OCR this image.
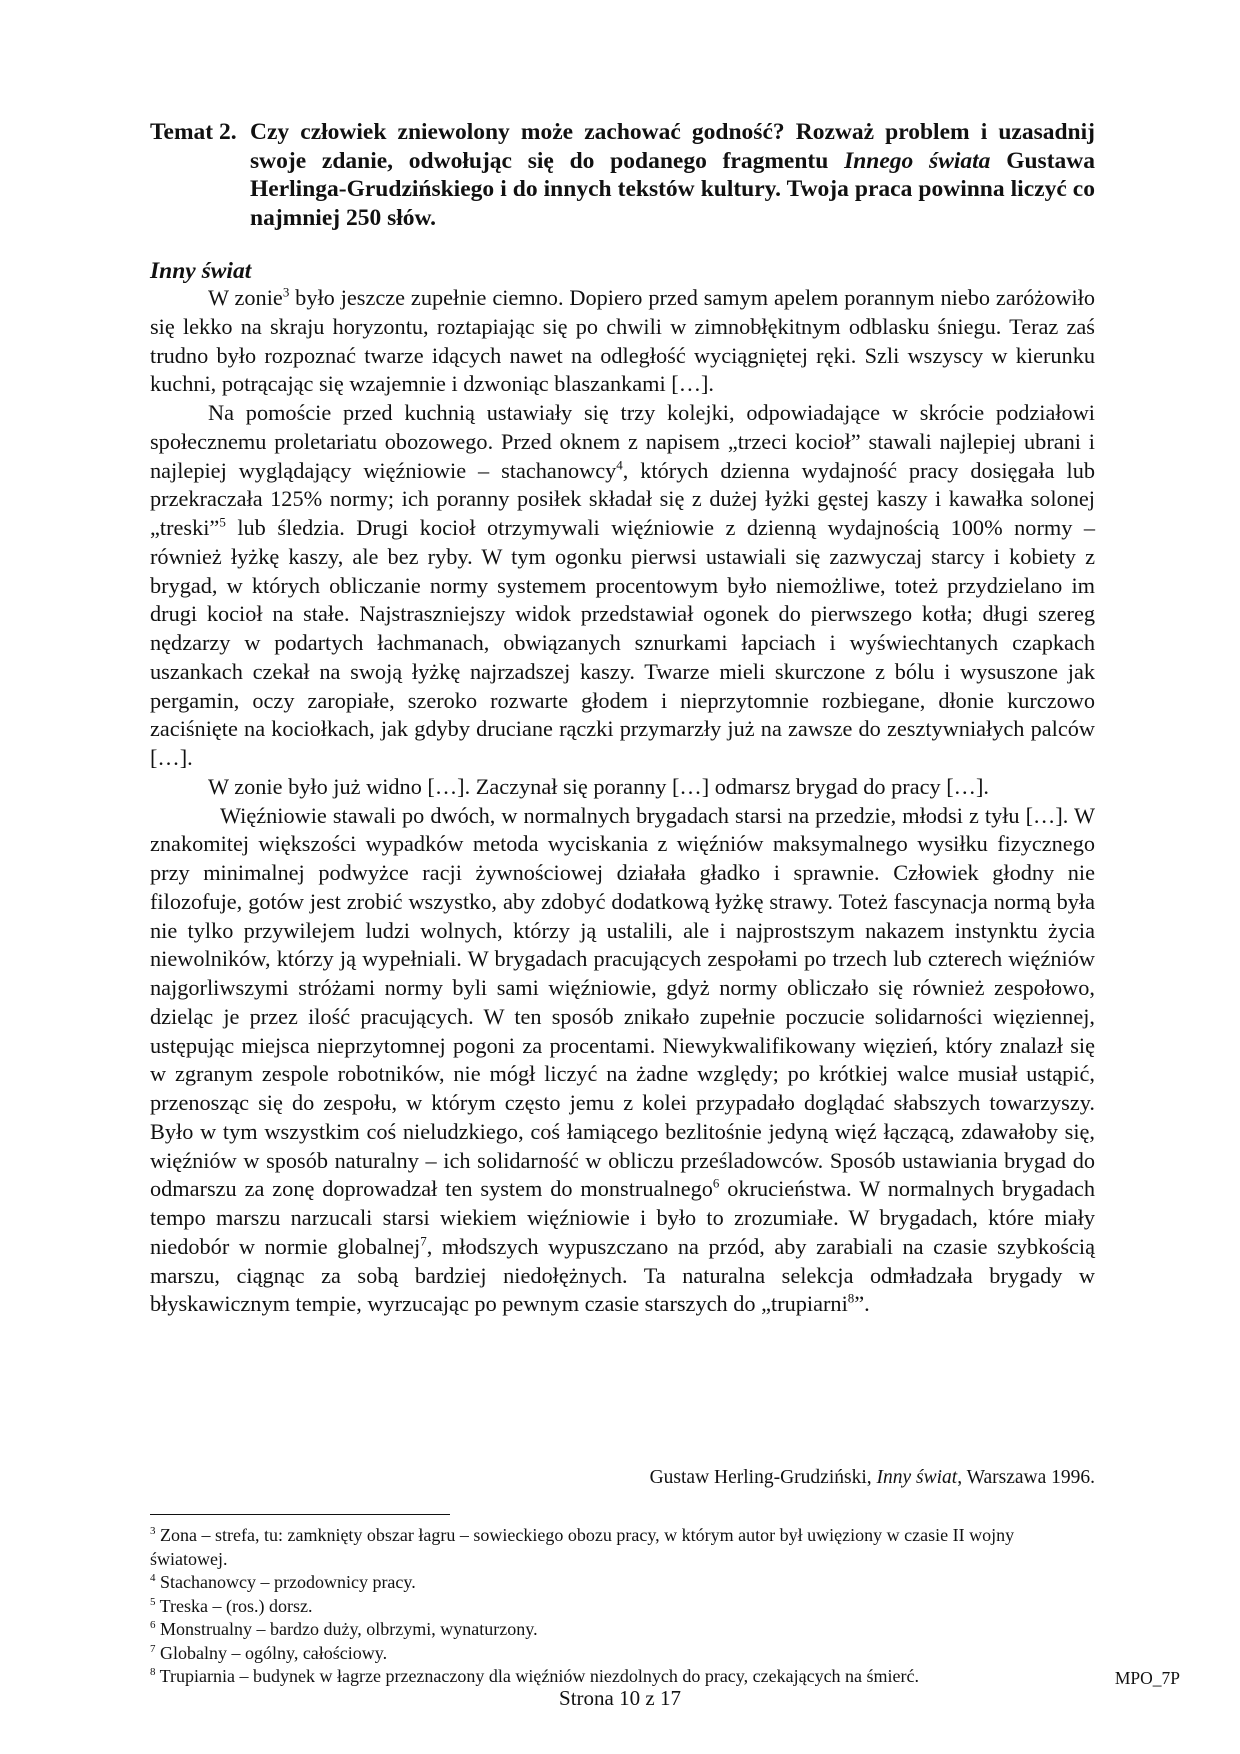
Temat 2. Czy człowiek zniewolony może zachować godność? Rozważ problem i uzasadnij swoje zdanie, odwołując się do podanego fragmentu Innego świata Gustawa Herlinga-Grudzińskiego i do innych tekstów kultury. Twoja praca powinna liczyć co najmniej 250 słów.
Inny świat

W zonie$^3$ było jeszcze zupełnie ciemno. Dopiero przed samym apelem porannym niebo zaróżowiło się lekko na skraju horyzontu, roztapiając się po chwili w zimnobłękitnym odblasku śniegu. Teraz zaś trudno było rozpoznać twarze idących nawet na odległość wyciągniętej ręki. Szli wszyscy w kierunku kuchni, potrącając się wzajemnie i dzwoniąc blaszankami […].

Na pomoście przed kuchnią ustawiały się trzy kolejki, odpowiadające w skrócie podziałowi społecznemu proletariatu obozowego. Przed oknem z napisem „trzeci kocioł” stawali najlepiej ubrani i najlepiej wyglądający więźniowie – stachanowcy$^4$, których dzienna wydajność pracy dosięgała lub przekraczała 125% normy; ich poranny posiłek składał się z dużej łyżki gęstej kaszy i kawałka solonej „treski”$^5$ lub śledzia. Drugi kocioł otrzymywali więźniowie z dzienną wydajnością 100% normy – również łyżkę kaszy, ale bez ryby. W tym ogonku pierwsi ustawiali się zazwyczaj starcy i kobiety z brygad, w których obliczanie normy systemem procentowym było niemożliwe, toteż przydzielano im drugi kocioł na stałe. Najstraszniejszy widok przedstawiał ogonek do pierwszego kotła; długi szereg nędzarzy w podartych łachmanach, obwiązanych sznurkami łapciach i wyświechtanych czapkach uszankach czekał na swoją łyżkę najrzadszej kaszy. Twarze mieli skurczone z bólu i wysuszone jak pergamin, oczy zaropiałe, szeroko rozwarte głodem i nieprzytomnie rozbiegane, dłonie kurczowo zaciśnięte na kociołkach, jak gdyby druciane rączki przymarzły już na zawsze do zesztywniałych palców […].

W zonie było już widno […]. Zaczynał się poranny […] odmarsz brygad do pracy […].

Więźniowie stawali po dwóch, w normalnych brygadach starsi na przedzie, młodsi z tyłu […]. W znakomitej większości wypadków metoda wyciskania z więźniów maksymalnego wysiłku fizycznego przy minimalnej podwyżce racji żywnościowej działała gładko i sprawnie. Człowiek głodny nie filozofuje, gotów jest zrobić wszystko, aby zdobyć dodatkową łyżkę strawy. Toteż fascynacja normą była nie tylko przywilejem ludzi wolnych, którzy ją ustalili, ale i najprostszym nakazem instynktu życia niewolników, którzy ją wypełniali. W brygadach pracujących zespołami po trzech lub czterech więźniów najgorliwszymi stróżami normy byli sami więźniowie, gdyż normy obliczało się również zespołowo, dzieląc je przez ilość pracujących. W ten sposób znikało zupełnie poczucie solidarności więziennej, ustępując miejsca nieprzytomnej pogoni za procentami. Niewykwalifikowany więzień, który znalazł się w zgranym zespole robotników, nie mógł liczyć na żadne względy; po krótkiej walce musiał ustąpić, przenosząc się do zespołu, w którym często jemu z kolei przypadało doglądać słabszych towarzyszy. Było w tym wszystkim coś nieludzkiego, coś łamiącego bezlitośnie jedyną więź łączącą, zdawałoby się, więźniów w sposób naturalny – ich solidarność w obliczu prześladowców. Sposób ustawiania brygad do odmarszu za zonę doprowadzał ten system do monstrualnego$^6$ okrucieństwa. W normalnych brygadach tempo marszu narzucali starsi wiekiem więźniowie i było to zrozumiałe. W brygadach, które miały niedobór w normie globalnej$^7$, młodszych wypuszczano na przód, aby zarabiali na czasie szybkością marszu, ciągnąc za sobą bardziej niedołężnych. Ta naturalna selekcja odmładzała brygady w błyskawicznym tempie, wyrzucając po pewnym czasie starszych do „trupiarni$^8$”.

Gustaw Herling-Grudziński, Inny świat, Warszawa 1996.

$^3$ Zona – strefa, tu: zamknięty obszar łagru – sowieckiego obozu pracy, w którym autor był uwięziony w czasie II wojny światowej.

$^4$ Stachanowcy – przodownicy pracy.

$^5$ Treska – (ros.) dorsz.

$^6$ Monstrualny – bardzo duży, olbrzymi, wynaturzony.

$^7$ Globalny – ogólny, całościowy.

$^8$ Trupiarnia – budynek w łagrze przeznaczony dla więźniów niezdolnych do pracy, czekających na śmierć.	MPO_7P
Strona 10 z 17
